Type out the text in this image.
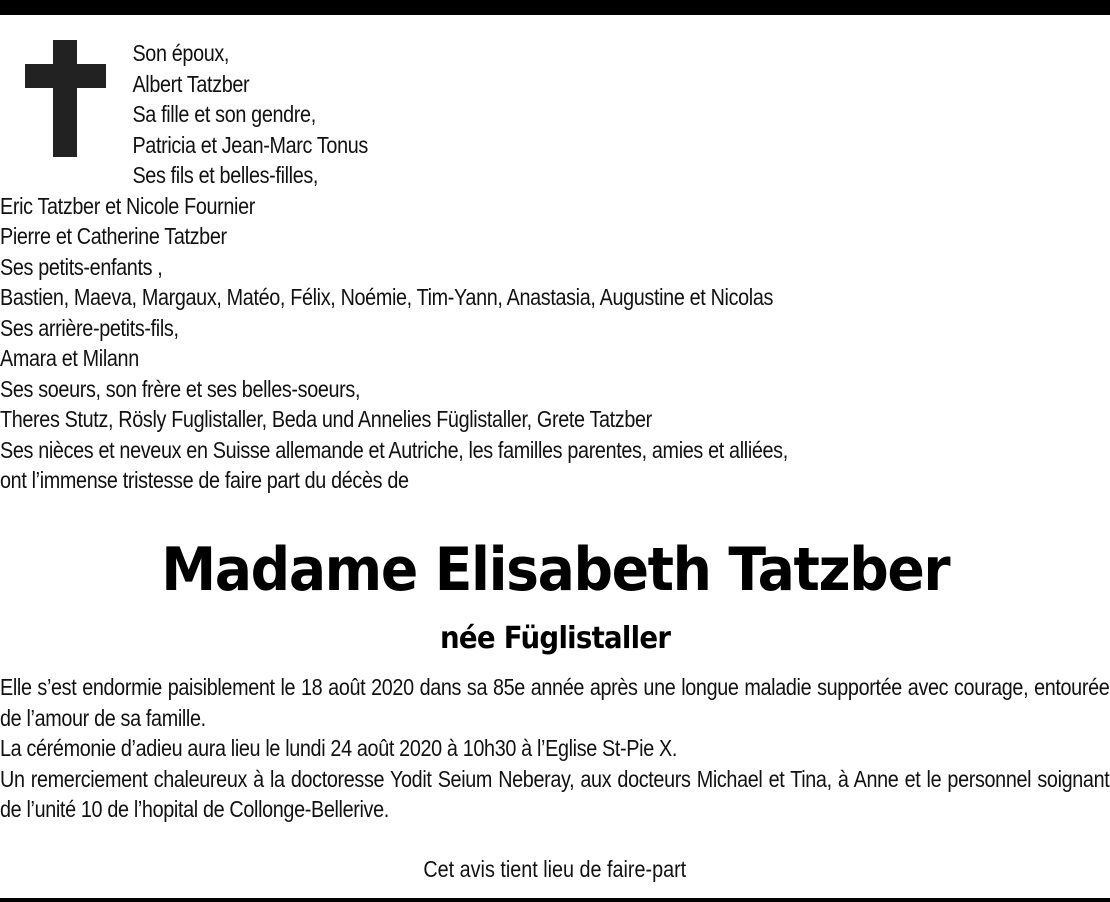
Son époux,
Albert Tatzber
Sa fille et son gendre,
Patricia et Jean-Marc Tonus
Ses fils et belles-filles,
Eric Tatzber et Nicole Fournier
Pierre et Catherine Tatzber
Ses petits-enfants ,
Bastien, Maeva, Margaux, Matéo, Félix, Noémie, Tim-Yann, Anastasia, Augustine et Nicolas
Ses arrière-petits-fils,
Amara et Milann
Ses soeurs, son frère et ses belles-soeurs,
Theres Stutz, Rösly Fuglistaller, Beda und Annelies Füglistaller, Grete Tatzber
Ses nièces et neveux en Suisse allemande et Autriche, les familles parentes, amies et alliées,
ont l’immense tristesse de faire part du décès de
Madame Elisabeth Tatzber
née Füglistaller

Elle s’est endormie paisiblement le 18 août 2020 dans sa 85e année après une longue maladie supportée avec courage, entourée de l’amour de sa famille.

La cérémonie d’adieu aura lieu le lundi 24 août 2020 à 10h30 à l’Eglise St-Pie X.

Un remerciement chaleureux à la doctoresse Yodit Seium Neberay, aux docteurs Michael et Tina, à Anne et le personnel soignant de l’unité 10 de l’hopital de Collonge-Bellerive.

Cet avis tient lieu de faire-part
